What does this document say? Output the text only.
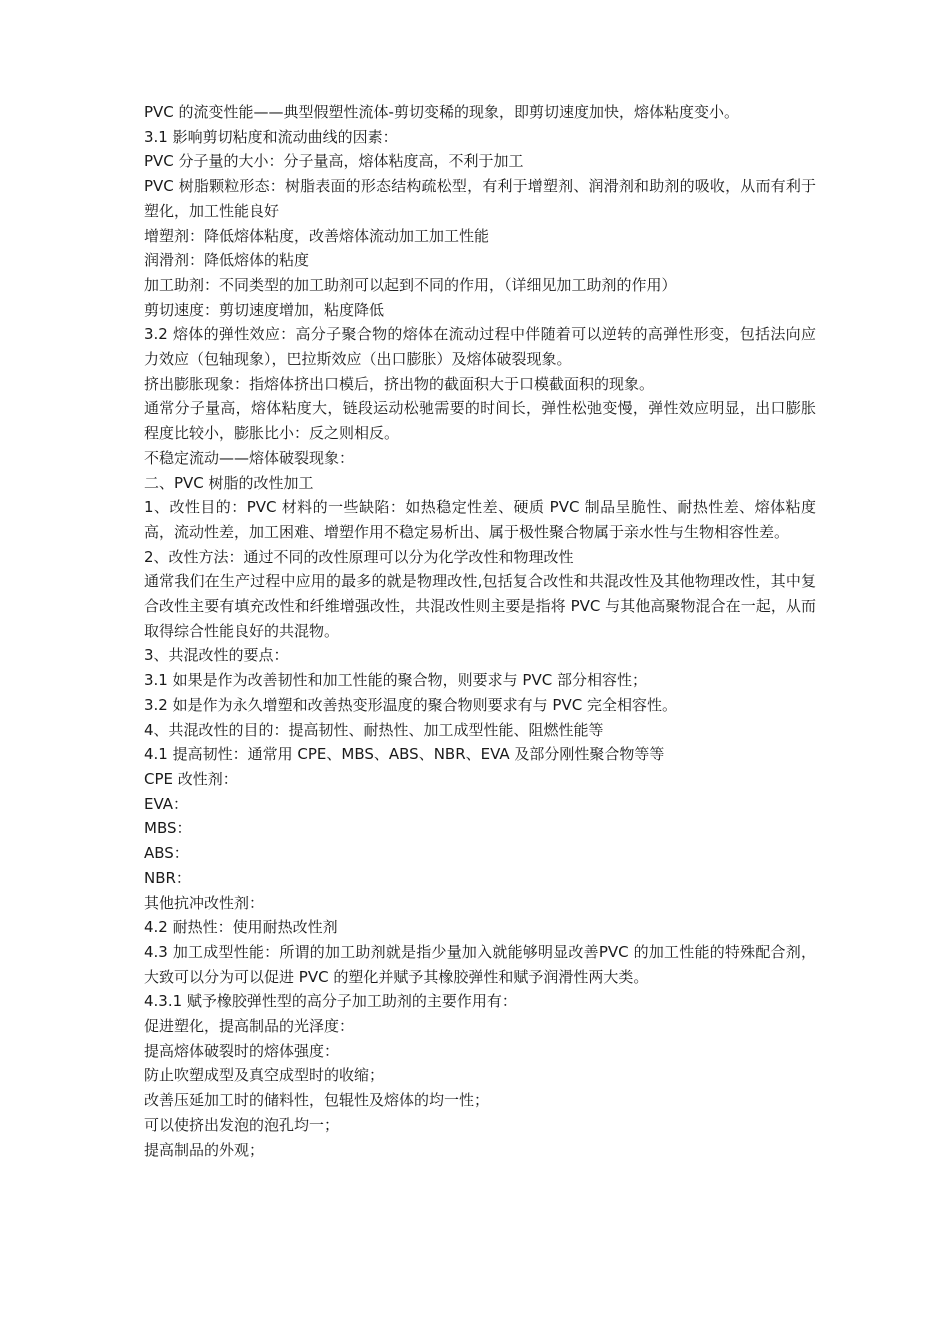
PVC 的流变性能——典型假塑性流体-剪切变稀的现象，即剪切速度加快，熔体粘度变小。

3.1 影响剪切粘度和流动曲线的因素：

PVC 分子量的大小：分子量高，熔体粘度高，不利于加工

PVC 树脂颗粒形态：树脂表面的形态结构疏松型，有利于增塑剂、润滑剂和助剂的吸收，从而有利于塑化，加工性能良好

增塑剂：降低熔体粘度，改善熔体流动加工加工性能

润滑剂：降低熔体的粘度

加工助剂：不同类型的加工助剂可以起到不同的作用，（详细见加工助剂的作用）

剪切速度：剪切速度增加，粘度降低

3.2 熔体的弹性效应：高分子聚合物的熔体在流动过程中伴随着可以逆转的高弹性形变，包括法向应力效应（包轴现象），巴拉斯效应（出口膨胀）及熔体破裂现象。

挤出膨胀现象：指熔体挤出口模后，挤出物的截面积大于口模截面积的现象。

通常分子量高，熔体粘度大，链段运动松驰需要的时间长，弹性松弛变慢，弹性效应明显，出口膨胀程度比较小，膨胀比小：反之则相反。

不稳定流动——熔体破裂现象：

二、PVC 树脂的改性加工

1、改性目的：PVC 材料的一些缺陷：如热稳定性差、硬质 PVC 制品呈脆性、耐热性差、熔体粘度高，流动性差，加工困难、增塑作用不稳定易析出、属于极性聚合物属于亲水性与生物相容性差。

2、改性方法：通过不同的改性原理可以分为化学改性和物理改性

通常我们在生产过程中应用的最多的就是物理改性,包括复合改性和共混改性及其他物理改性，其中复合改性主要有填充改性和纤维增强改性，共混改性则主要是指将 PVC 与其他高聚物混合在一起，从而取得综合性能良好的共混物。

3、共混改性的要点：

3.1 如果是作为改善韧性和加工性能的聚合物，则要求与 PVC 部分相容性；

3.2 如是作为永久增塑和改善热变形温度的聚合物则要求有与 PVC 完全相容性。

4、共混改性的目的：提高韧性、耐热性、加工成型性能、阻燃性能等

4.1 提高韧性：通常用 CPE、MBS、ABS、NBR、EVA 及部分刚性聚合物等等

CPE 改性剂：

EVA：

MBS：

ABS：

NBR：

其他抗冲改性剂：

4.2 耐热性：使用耐热改性剂

4.3 加工成型性能：所谓的加工助剂就是指少量加入就能够明显改善PVC 的加工性能的特殊配合剂，大致可以分为可以促进 PVC 的塑化并赋予其橡胶弹性和赋予润滑性两大类。

4.3.1 赋予橡胶弹性型的高分子加工助剂的主要作用有：

促进塑化，提高制品的光泽度：

提高熔体破裂时的熔体强度：

防止吹塑成型及真空成型时的收缩；

改善压延加工时的储料性，包辊性及熔体的均一性；

可以使挤出发泡的泡孔均一；

提高制品的外观；
